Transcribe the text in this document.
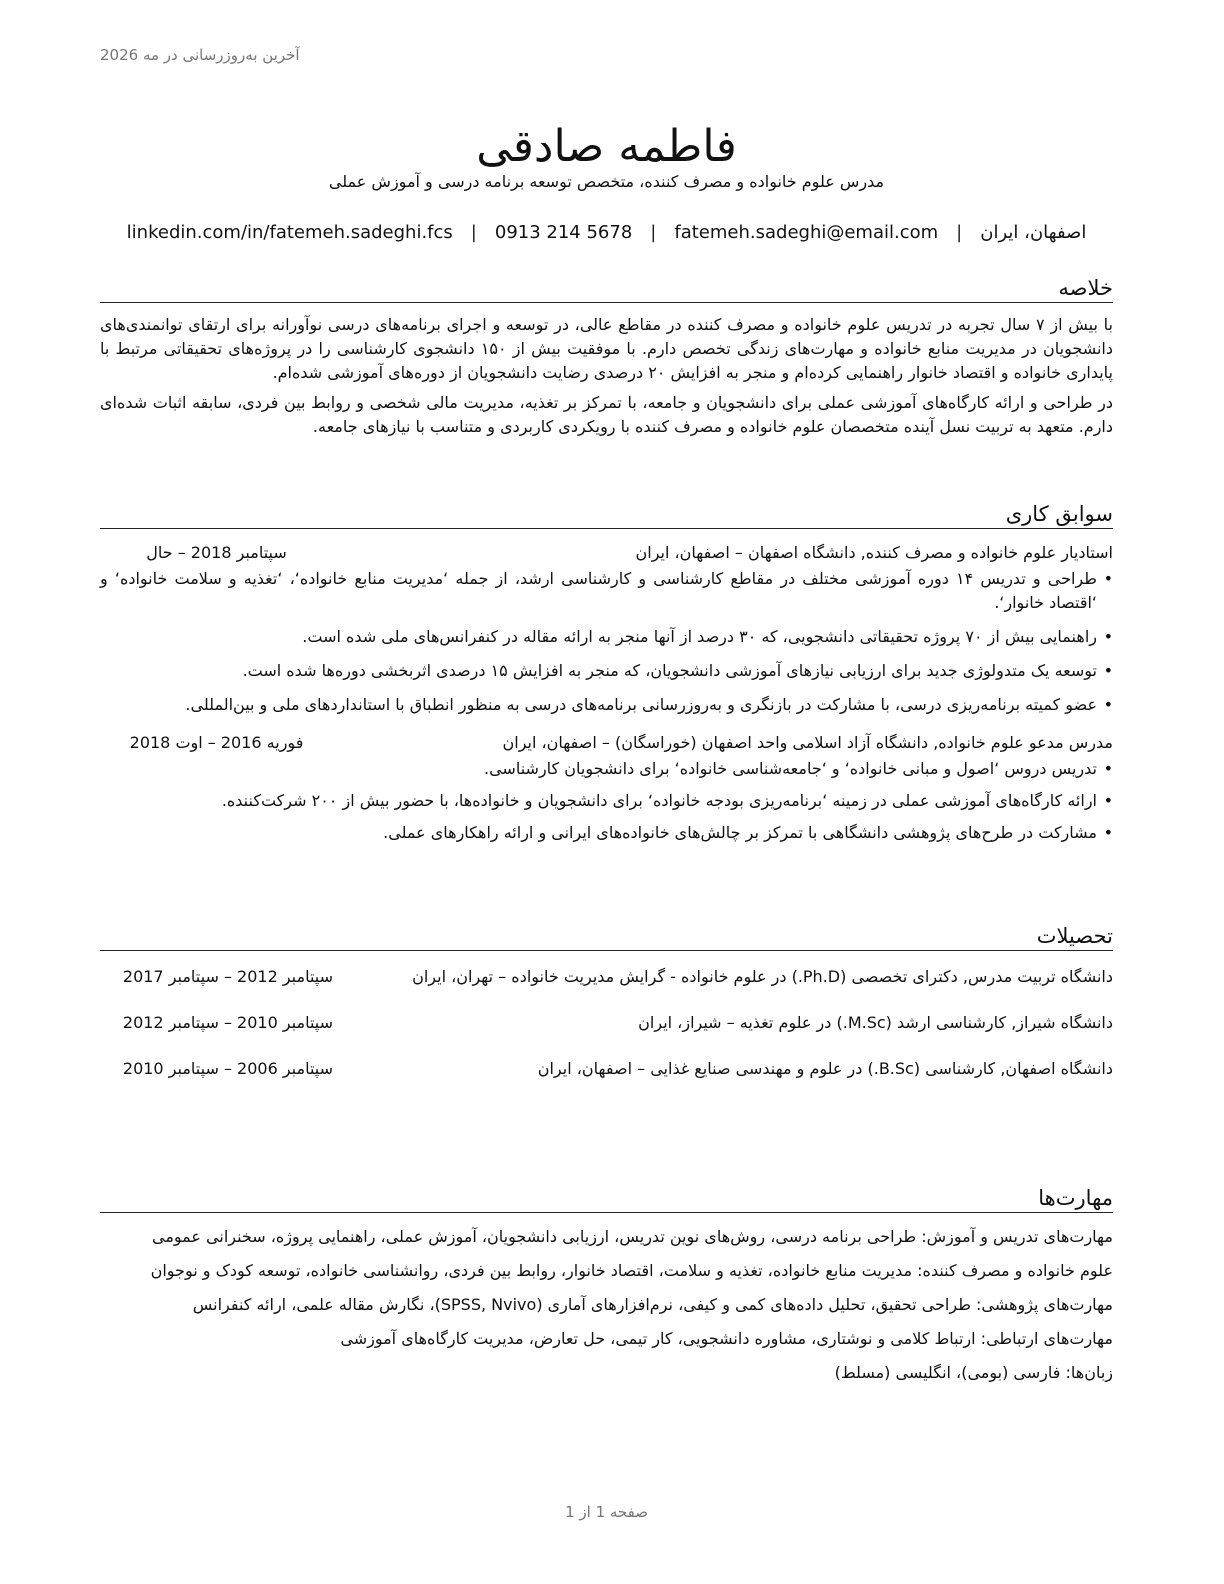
آخرین به‌روزرسانی در مه 2026
فاطمه صادقی
مدرس علوم خانواده و مصرف کننده، متخصص توسعه برنامه درسی و آموزش عملی
اصفهان، ایران
|
fatemeh.sadeghi@email.com
|
0913 214 5678
|
linkedin.com/in/fatemeh.sadeghi.fcs
خلاصه

با بیش از ۷ سال تجربه در تدریس علوم خانواده و مصرف کننده در مقاطع عالی، در توسعه و اجرای برنامه‌های درسی نوآورانه برای ارتقای توانمندی‌های دانشجویان در مدیریت منابع خانواده و مهارت‌های زندگی تخصص دارم. با موفقیت بیش از ۱۵۰ دانشجوی کارشناسی را در پروژه‌های تحقیقاتی مرتبط با پایداری خانواده و اقتصاد خانوار راهنمایی کرده‌ام و منجر به افزایش ۲۰ درصدی رضایت دانشجویان از دوره‌های آموزشی شده‌ام.

در طراحی و ارائه کارگاه‌های آموزشی عملی برای دانشجویان و جامعه، با تمرکز بر تغذیه، مدیریت مالی شخصی و روابط بین فردی، سابقه اثبات شده‌ای دارم. متعهد به تربیت نسل آینده متخصصان علوم خانواده و مصرف کننده با رویکردی کاربردی و متناسب با نیازهای جامعه.

سوابق کاری
استادیار علوم خانواده و مصرف کننده, دانشگاه اصفهان – اصفهان، ایران
سپتامبر 2018 – حال
•
طراحی و تدریس ۱۴ دوره آموزشی مختلف در مقاطع کارشناسی و کارشناسی ارشد، از جمله ‘مدیریت منابع خانواده‘، ‘تغذیه و سلامت خانواده‘ و ‘اقتصاد خانوار‘.
•
راهنمایی بیش از ۷۰ پروژه تحقیقاتی دانشجویی، که ۳۰ درصد از آنها منجر به ارائه مقاله در کنفرانس‌های ملی شده است.
•
توسعه یک متدولوژی جدید برای ارزیابی نیازهای آموزشی دانشجویان، که منجر به افزایش ۱۵ درصدی اثربخشی دوره‌ها شده است.
•
عضو کمیته برنامه‌ریزی درسی، با مشارکت در بازنگری و به‌روزرسانی برنامه‌های درسی به منظور انطباق با استانداردهای ملی و بین‌المللی.
مدرس مدعو علوم خانواده, دانشگاه آزاد اسلامی واحد اصفهان (خوراسگان) – اصفهان، ایران
فوریه 2016 – اوت 2018
•
تدریس دروس ‘اصول و مبانی خانواده‘ و ‘جامعه‌شناسی خانواده‘ برای دانشجویان کارشناسی.
•
ارائه کارگاه‌های آموزشی عملی در زمینه ‘برنامه‌ریزی بودجه خانواده‘ برای دانشجویان و خانواده‌ها، با حضور بیش از ۲۰۰ شرکت‌کننده.
•
مشارکت در طرح‌های پژوهشی دانشگاهی با تمرکز بر چالش‌های خانواده‌های ایرانی و ارائه راهکارهای عملی.
تحصیلات
دانشگاه تربیت مدرس, دکترای تخصصی (Ph.D.) در علوم خانواده - گرایش مدیریت خانواده – تهران، ایران
سپتامبر 2012 – سپتامبر 2017
دانشگاه شیراز, کارشناسی ارشد (M.Sc.) در علوم تغذیه – شیراز، ایران
سپتامبر 2010 – سپتامبر 2012
دانشگاه اصفهان, کارشناسی (B.Sc.) در علوم و مهندسی صنایع غذایی – اصفهان، ایران
سپتامبر 2006 – سپتامبر 2010
مهارت‌ها
مهارت‌های تدریس و آموزش: طراحی برنامه درسی، روش‌های نوین تدریس، ارزیابی دانشجویان، آموزش عملی، راهنمایی پروژه، سخنرانی عمومی
علوم خانواده و مصرف کننده: مدیریت منابع خانواده، تغذیه و سلامت، اقتصاد خانوار، روابط بین فردی، روانشناسی خانواده، توسعه کودک و نوجوان
مهارت‌های پژوهشی: طراحی تحقیق، تحلیل داده‌های کمی و کیفی، نرم‌افزارهای آماری (SPSS, Nvivo)، نگارش مقاله علمی، ارائه کنفرانس
مهارت‌های ارتباطی: ارتباط کلامی و نوشتاری، مشاوره دانشجویی، کار تیمی، حل تعارض، مدیریت کارگاه‌های آموزشی
زبان‌ها: فارسی (بومی)، انگلیسی (مسلط)
صفحه 1 از 1
